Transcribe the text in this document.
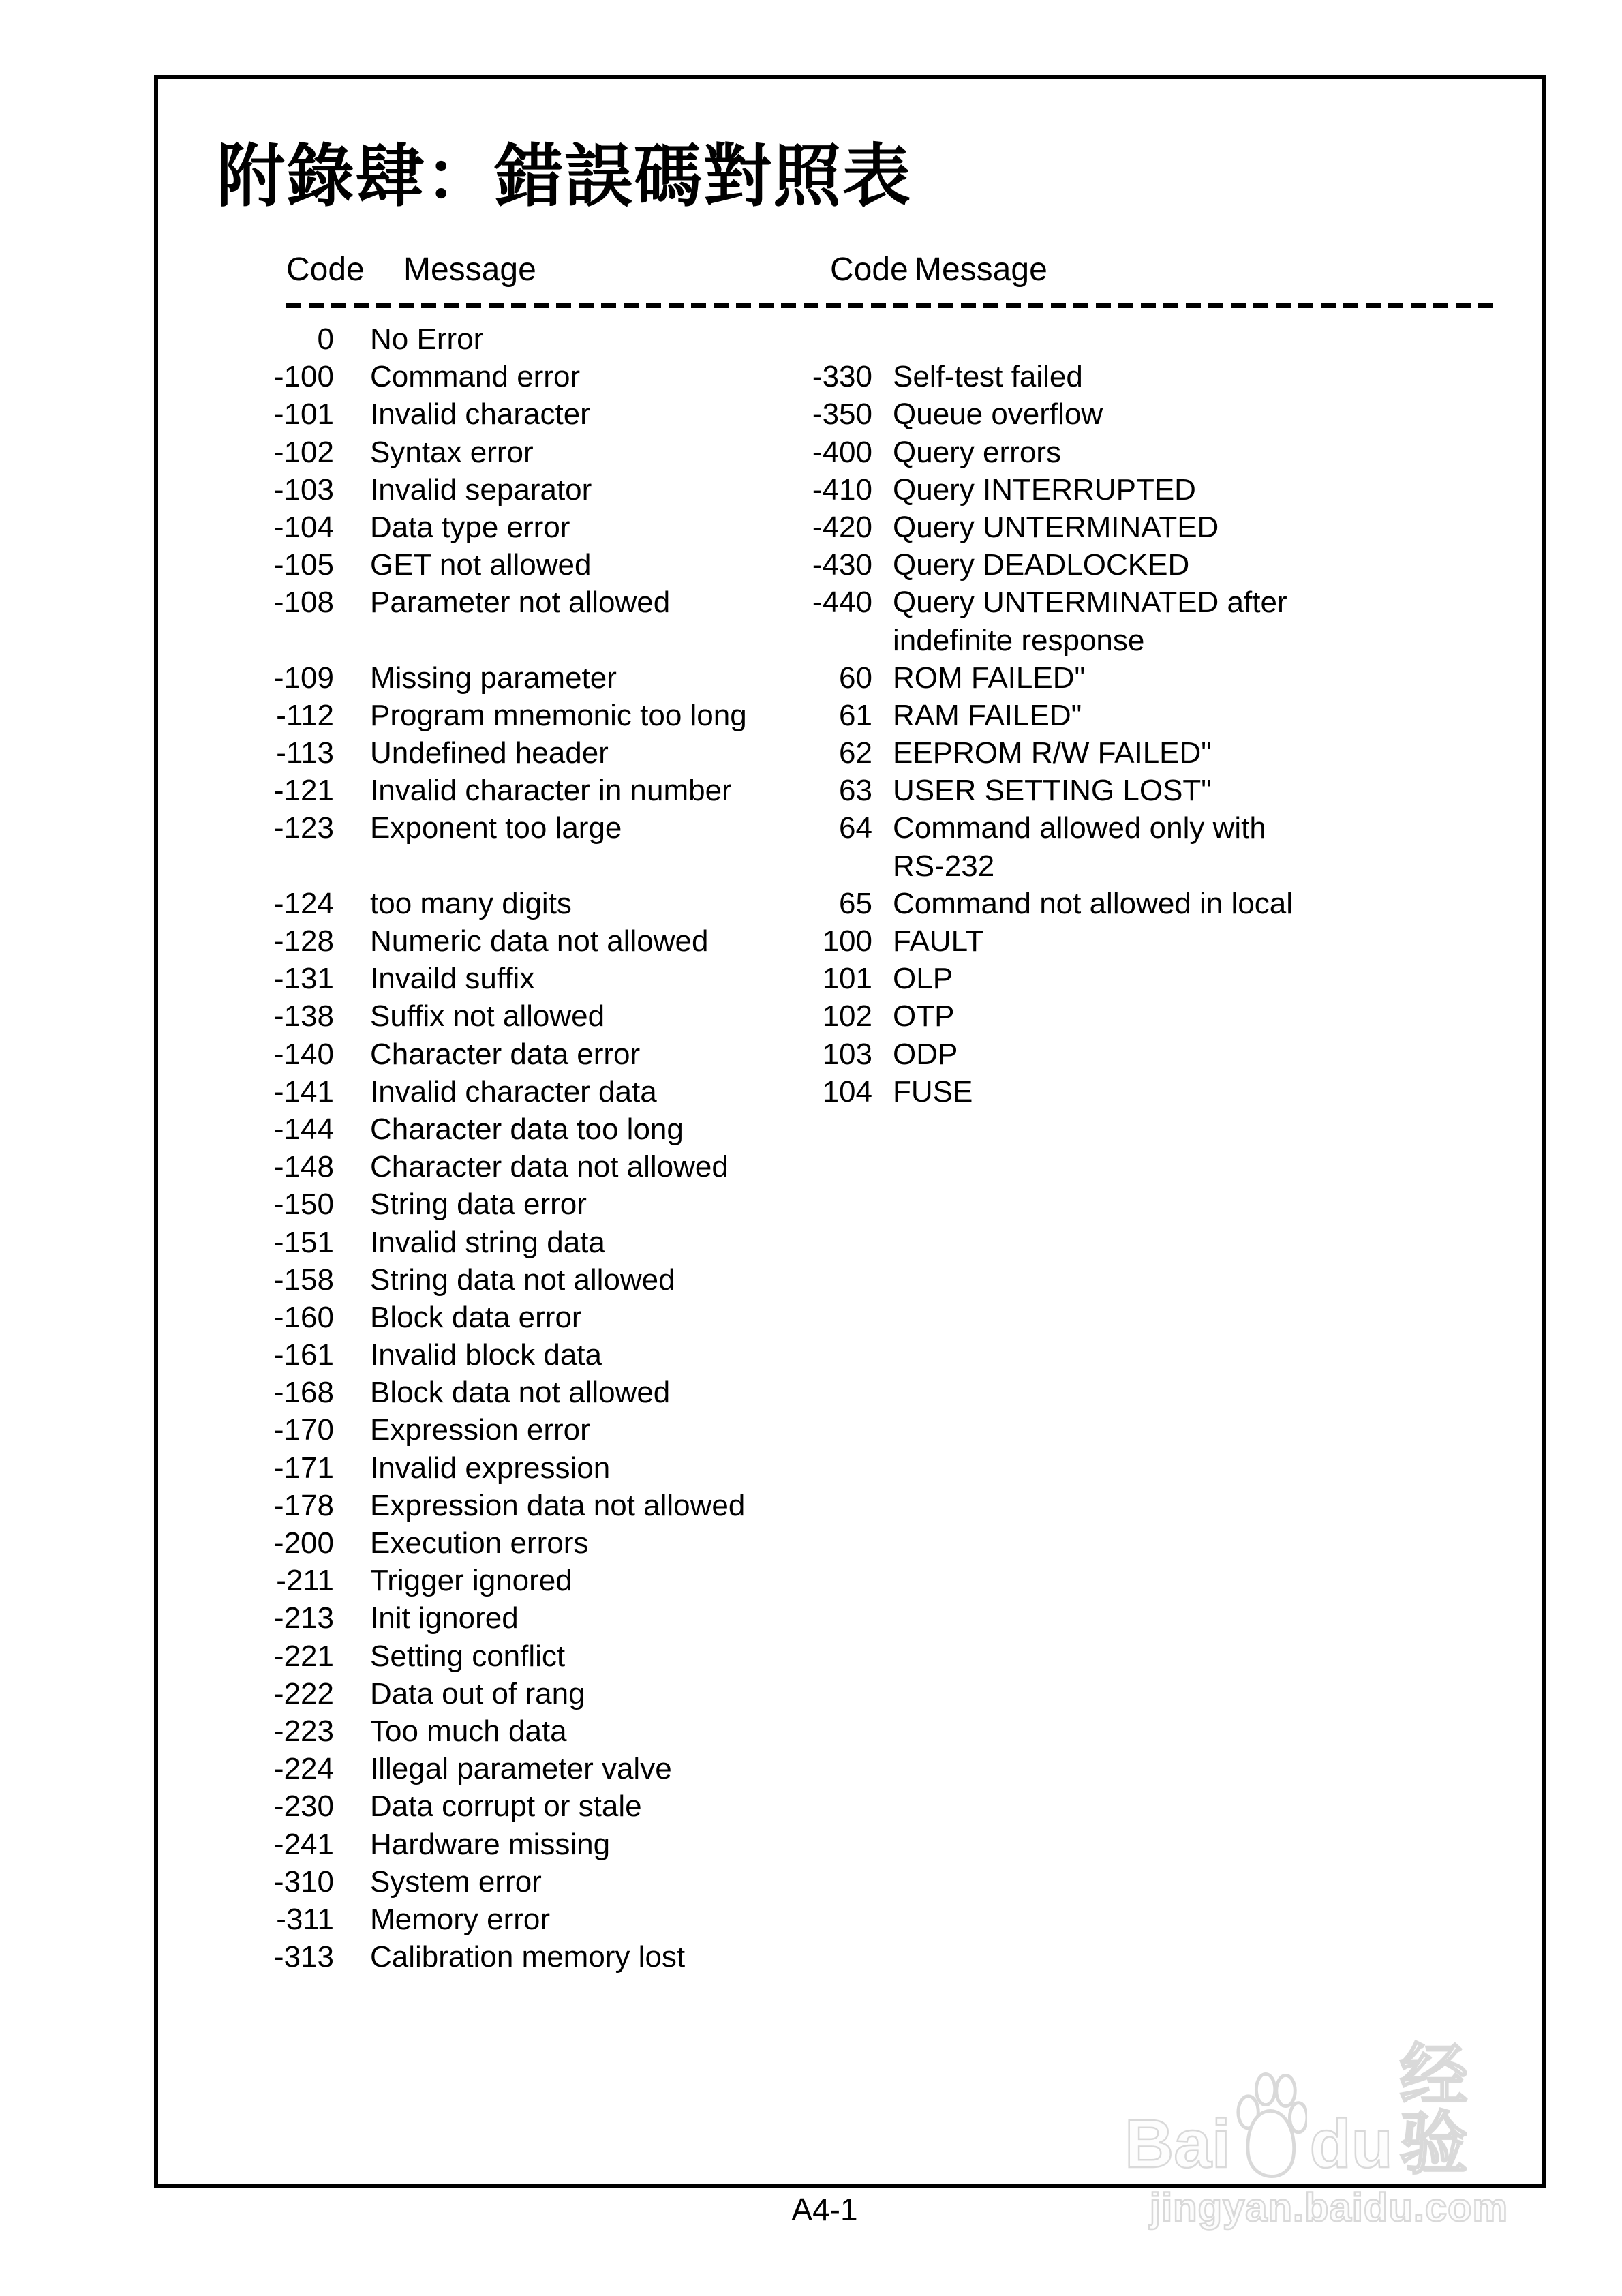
附錄肆：錯誤碼對照表
Code Message	Code Message
0 No Error
-100 Command error
-101 Invalid character
-102 Syntax error
-103 Invalid separator
-104 Data type error
-105 GET not allowed
-108 Parameter not allowed
-109 Missing parameter
-112 Program mnemonic too long
-113 Undefined header
-121 Invalid character in number
-123 Exponent too large
-124 too many digits
-128 Numeric data not allowed
-131 Invaild suffix
-138 Suffix not allowed
-140 Character data error
-141 Invalid character data
-144 Character data too long
-148 Character data not allowed
-150 String data error
-151 Invalid string data
-158 String data not allowed
-160 Block data error
-161 Invalid block data
-168 Block data not allowed
-170 Expression error
-171 Invalid expression
-178 Expression data not allowed
-200 Execution errors
-211 Trigger ignored
-213 Init ignored
-221 Setting conflict
-222 Data out of rang
-223 Too much data
-224 Illegal parameter valve
-230 Data corrupt or stale
-241 Hardware missing
-310 System error
-311 Memory error
-313 Calibration memory lost
-330 Self-test failed
-350 Queue overflow
-400 Query errors
-410 Query INTERRUPTED
-420 Query UNTERMINATED
-430 Query DEADLOCKED
-440 Query UNTERMINATED after
indefinite response
60 ROM FAILED"
61 RAM FAILED"
62 EEPROM R/W FAILED"
63 USER SETTING LOST"
64 Command allowed only with
RS-232
65 Command not allowed in local
100 FAULT
101 OLP
102 OTP
103 ODP
104 FUSE
Bai du
经验
jingyan.baidu.com
A4-1
